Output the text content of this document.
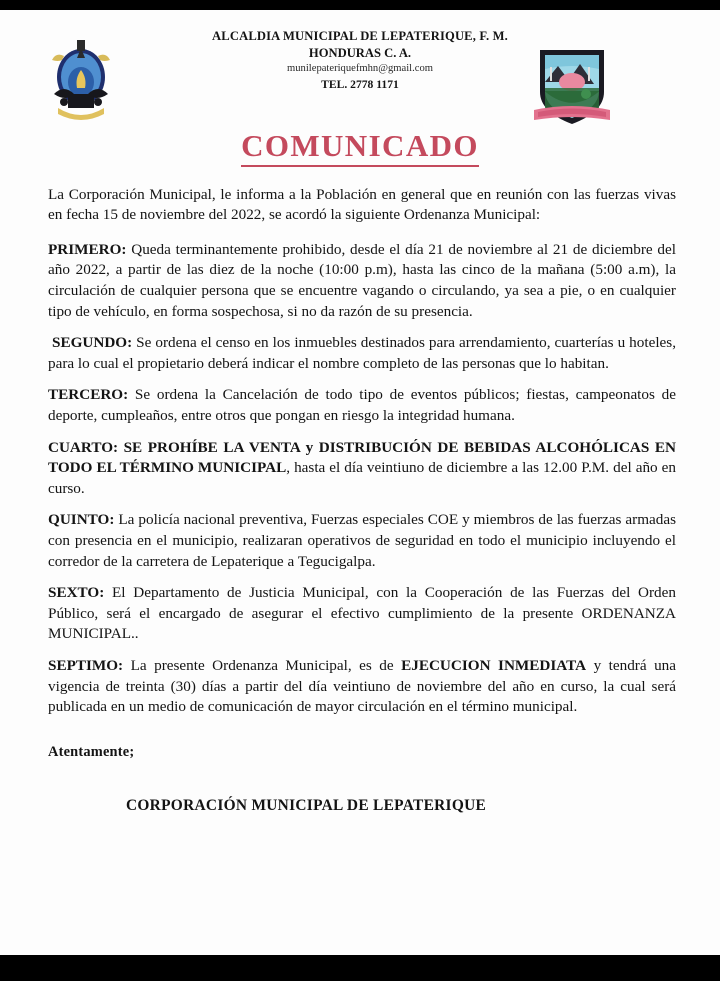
ALCALDIA MUNICIPAL DE LEPATERIQUE, F. M.
HONDURAS C. A.
munilepateriquefmhn@gmail.com
TEL. 2778 1171
COMUNICADO

La Corporación Municipal, le informa a la Población en general que en reunión con las fuerzas vivas en fecha 15 de noviembre del 2022, se acordó la siguiente Ordenanza Municipal:

PRIMERO: Queda terminantemente prohibido, desde el día 21 de noviembre al 21 de diciembre del año 2022, a partir de las diez de la noche (10:00 p.m), hasta las cinco de la mañana (5:00 a.m), la circulación de cualquier persona que se encuentre vagando o circulando, ya sea a pie, o en cualquier tipo de vehículo, en forma sospechosa, si no da razón de su presencia.

SEGUNDO: Se ordena el censo en los inmuebles destinados para arrendamiento, cuarterías u hoteles, para lo cual el propietario deberá indicar el nombre completo de las personas que lo habitan.

TERCERO: Se ordena la Cancelación de todo tipo de eventos públicos; fiestas, campeonatos de deporte, cumpleaños, entre otros que pongan en riesgo la integridad humana.

CUARTO: SE PROHÍBE LA VENTA y DISTRIBUCIÓN DE BEBIDAS ALCOHÓLICAS EN TODO EL TÉRMINO MUNICIPAL, hasta el día veintiuno de diciembre a las 12.00 P.M. del año en curso.

QUINTO: La policía nacional preventiva, Fuerzas especiales COE y miembros de las fuerzas armadas con presencia en el municipio, realizaran operativos de seguridad en todo el municipio incluyendo el corredor de la carretera de Lepaterique a Tegucigalpa.

SEXTO: El Departamento de Justicia Municipal, con la Cooperación de las Fuerzas del Orden Público, será el encargado de asegurar el efectivo cumplimiento de la presente ORDENANZA MUNICIPAL..

SEPTIMO: La presente Ordenanza Municipal, es de EJECUCION INMEDIATA y tendrá una vigencia de treinta (30) días a partir del día veintiuno de noviembre del año en curso, la cual será publicada en un medio de comunicación de mayor circulación en el término municipal.

Atentamente;
CORPORACIÓN MUNICIPAL DE LEPATERIQUE
